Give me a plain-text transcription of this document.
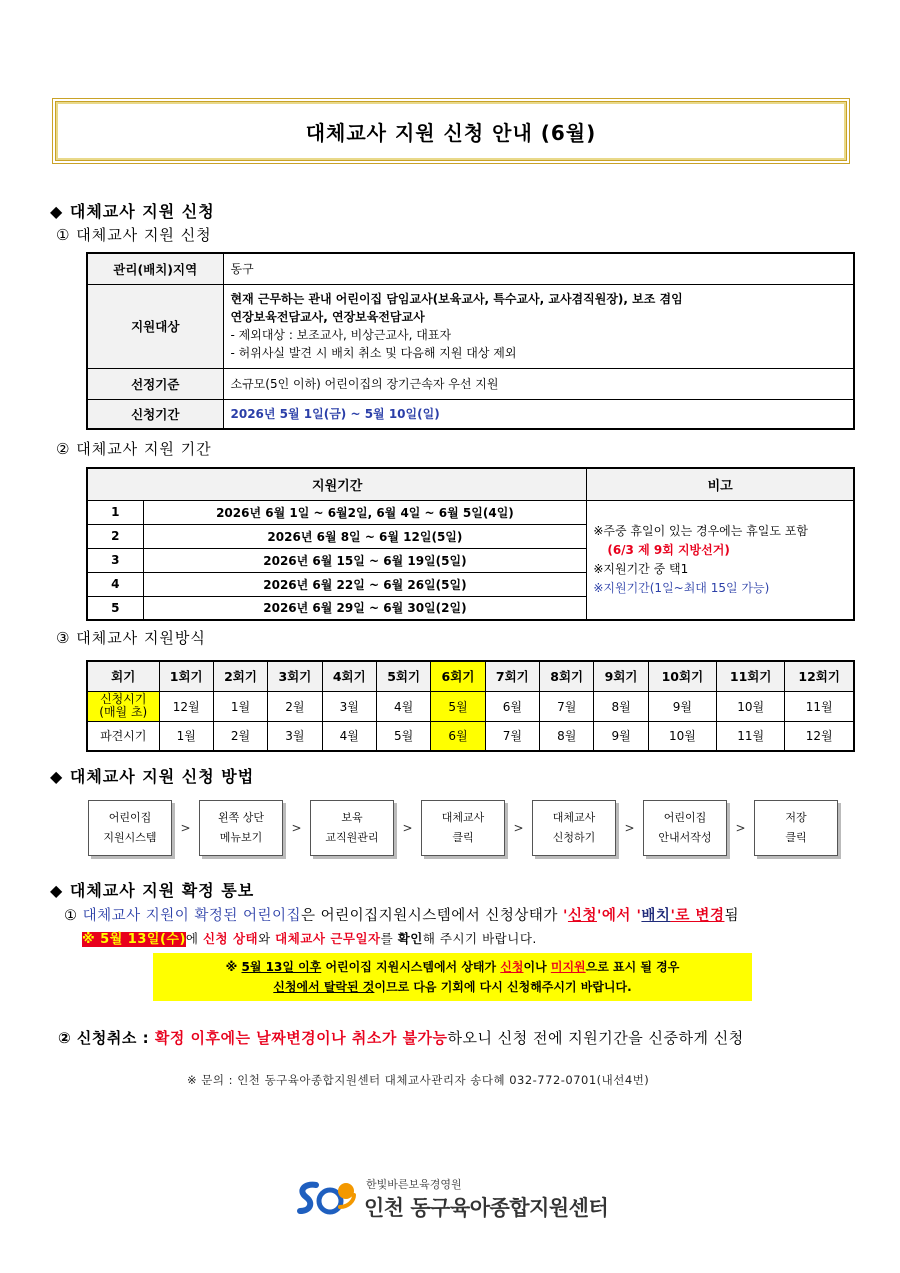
대체교사 지원 신청 안내 (6월)
◆ 대체교사 지원 신청
① 대체교사 지원 신청
관리(배치)지역	동구
지원대상	현재 근무하는 관내 어린이집 담임교사(보육교사, 특수교사, 교사겸직원장), 보조 겸임
연장보육전담교사, 연장보육전담교사
- 제외대상 : 보조교사, 비상근교사, 대표자
- 허위사실 발견 시 배치 취소 및 다음해 지원 대상 제외

선정기준	소규모(5인 이하) 어린이집의 장기근속자 우선 지원
신청기간	2026년 5월 1일(금) ~ 5월 10일(일)
② 대체교사 지원 기간
지원기간		비고
1	2026년 6월 1일 ~ 6월2일, 6월 4일 ~ 6월 5일(4일)	※주중 휴일이 있는 경우에는 휴일도 포함
(6/3 제 9회 지방선거)
※지원기간 중 택1
※지원기간(1일~최대 15일 가능)

2	2026년 6월 8일 ~ 6월 12일(5일)	
3	2026년 6월 15일 ~ 6월 19일(5일)	
4	2026년 6월 22일 ~ 6월 26일(5일)	
5	2026년 6월 29일 ~ 6월 30일(2일)	
③ 대체교사 지원방식
회기	1회기	2회기	3회기	4회기	5회기	6회기	7회기	8회기	9회기	10회기	11회기	12회기

신청시기
(매월 초)	12월	1월	2월	3월	4월	5월	6월	7월	8월	9월	10월	11월
파견시기	1월	2월	3월	4월	5월	6월	7월	8월	9월	10월	11월	12월
◆ 대체교사 지원 신청 방법
어린이집
지원시스템
>
왼쪽 상단
메뉴보기
>
보육
교직원관리
>
대체교사
클릭
>
대체교사
신청하기
>
어린이집
안내서작성
>
저장
클릭
◆ 대체교사 지원 확정 통보
① 대체교사 지원이 확정된 어린이집은 어린이집지원시스템에서 신청상태가 '신청'에서 '배치'로 변경됨
※ 5월 13일(수)에 신청 상태와 대체교사 근무일자를 확인해 주시기 바랍니다.
※ 5월 13일 이후 어린이집 지원시스템에서 상태가 신청이나 미지원으로 표시 될 경우
신청에서 탈락된 것이므로 다음 기회에 다시 신청해주시기 바랍니다.
② 신청취소 : 확정 이후에는 날짜변경이나 취소가 불가능하오니 신청 전에 지원기간을 신중하게 신청
※ 문의 : 인천 동구육아종합지원센터 대체교사관리자 송다혜 032-772-0701(내선4번)
한빛바른보육경영원
인천 동구육아종합지원센터
